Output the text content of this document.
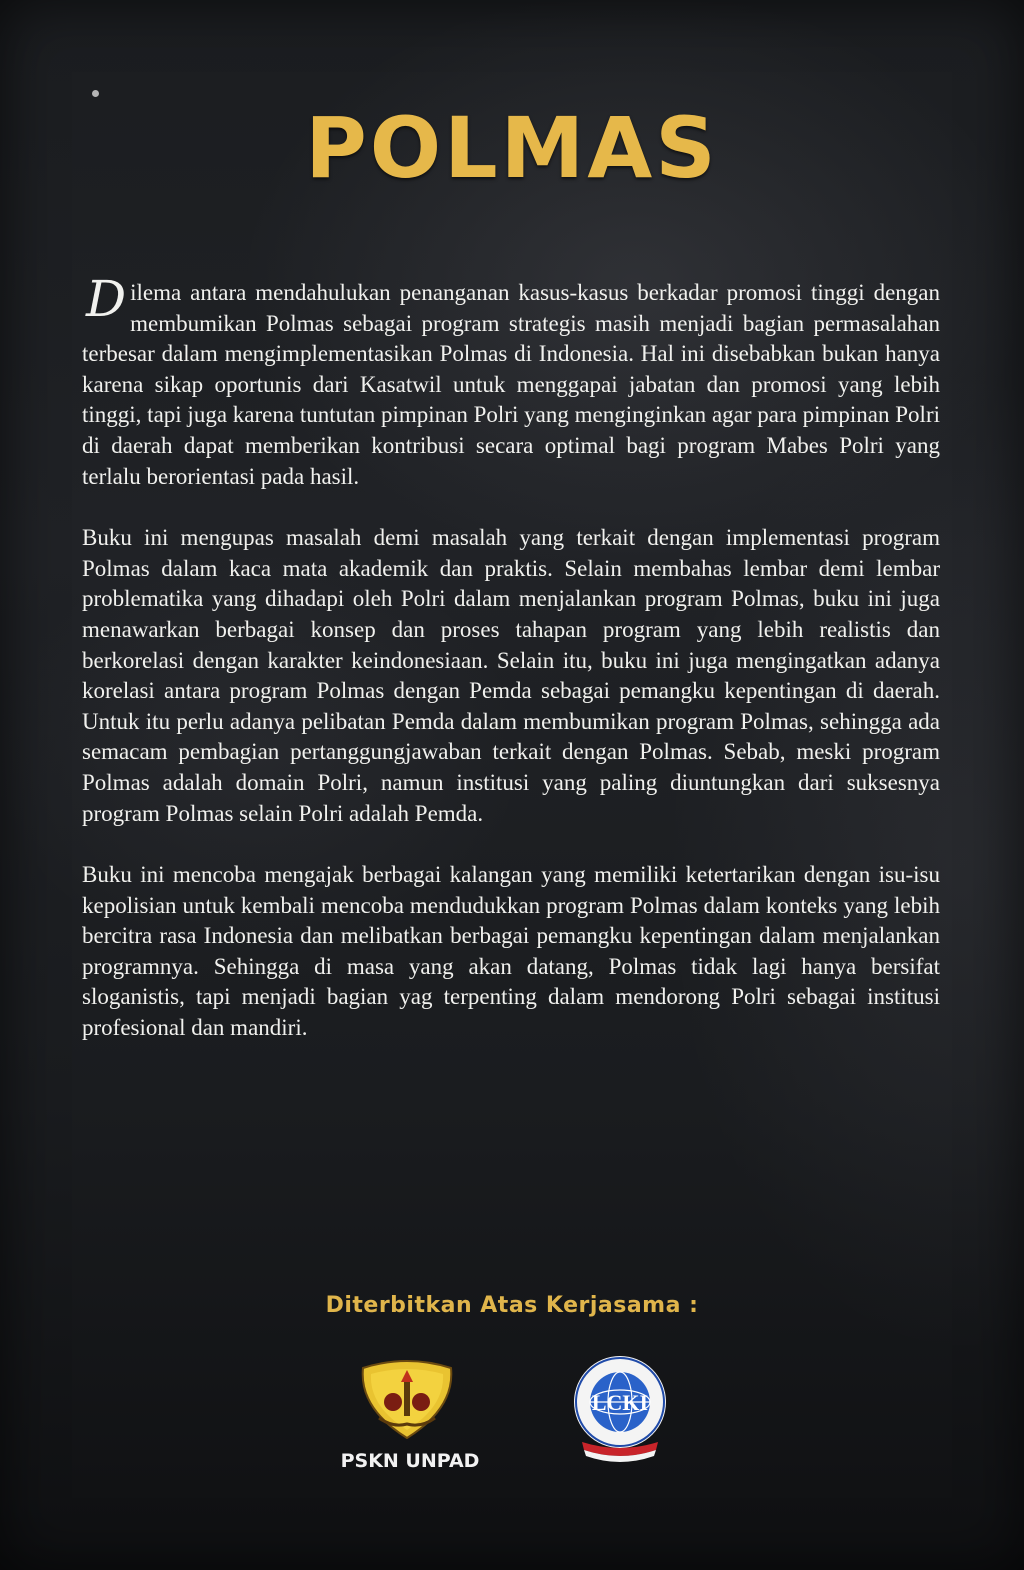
POLMAS

Dilema antara mendahulukan penanganan kasus-kasus berkadar promosi tinggi dengan membumikan Polmas sebagai program strategis masih menjadi bagian permasalahan terbesar dalam mengimplementasikan Polmas di Indonesia. Hal ini disebabkan bukan hanya karena sikap oportunis dari Kasatwil untuk menggapai jabatan dan promosi yang lebih tinggi, tapi juga karena tuntutan pimpinan Polri yang menginginkan agar para pimpinan Polri di daerah dapat memberikan kontribusi secara optimal bagi program Mabes Polri yang terlalu berorientasi pada hasil.

Buku ini mengupas masalah demi masalah yang terkait dengan implementasi program Polmas dalam kaca mata akademik dan praktis. Selain membahas lembar demi lembar problematika yang dihadapi oleh Polri dalam menjalankan program Polmas, buku ini juga menawarkan berbagai konsep dan proses tahapan program yang lebih realistis dan berkorelasi dengan karakter keindonesiaan. Selain itu, buku ini juga mengingatkan adanya korelasi antara program Polmas dengan Pemda sebagai pemangku kepentingan di daerah. Untuk itu perlu adanya pelibatan Pemda dalam membumikan program Polmas, sehingga ada semacam pembagian pertanggungjawaban terkait dengan Polmas. Sebab, meski program Polmas adalah domain Polri, namun institusi yang paling diuntungkan dari suksesnya program Polmas selain Polri adalah Pemda.

Buku ini mencoba mengajak berbagai kalangan yang memiliki ketertarikan dengan isu-isu kepolisian untuk kembali mencoba mendudukkan program Polmas dalam konteks yang lebih bercitra rasa Indonesia dan melibatkan berbagai pemangku kepentingan dalam menjalankan programnya. Sehingga di masa yang akan datang, Polmas tidak lagi hanya bersifat sloganistis, tapi menjadi bagian yag terpenting dalam mendorong Polri sebagai institusi profesional dan mandiri.

Diterbitkan Atas Kerjasama :
PSKN UNPAD
LCKI
